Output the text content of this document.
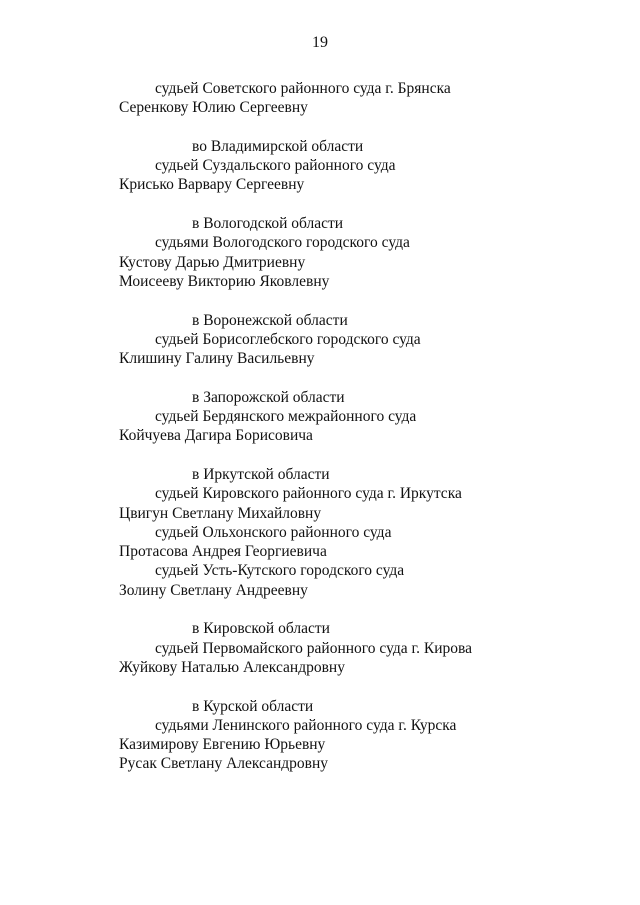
19
судьей Советского районного суда г. Брянска
Серенкову Юлию Сергеевну
во Владимирской области
судьей Суздальского районного суда
Крисько Варвару Сергеевну
в Вологодской области
судьями Вологодского городского суда
Кустову Дарью Дмитриевну
Моисееву Викторию Яковлевну
в Воронежской области
судьей Борисоглебского городского суда
Клишину Галину Васильевну
в Запорожской области
судьей Бердянского межрайонного суда
Койчуева Дагира Борисовича
в Иркутской области
судьей Кировского районного суда г. Иркутска
Цвигун Светлану Михайловну
судьей Ольхонского районного суда
Протасова Андрея Георгиевича
судьей Усть-Кутского городского суда
Золину Светлану Андреевну
в Кировской области
судьей Первомайского районного суда г. Кирова
Жуйкову Наталью Александровну
в Курской области
судьями Ленинского районного суда г. Курска
Казимирову Евгению Юрьевну
Русак Светлану Александровну
